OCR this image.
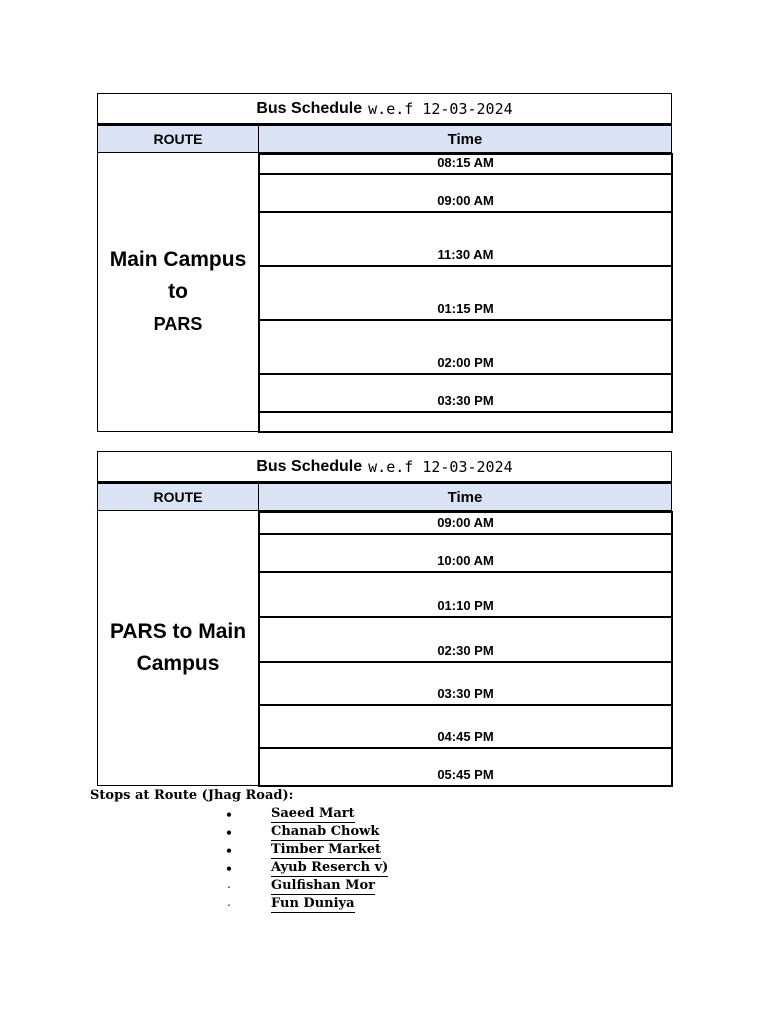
Bus Schedule w.e.f 12-03-2024
ROUTE	Time
Main Campus
to
PARS
08:15 AM
09:00 AM
11:30 AM
01:15 PM
02:00 PM
03:30 PM
Bus Schedule w.e.f 12-03-2024
ROUTE	Time
PARS to Main
Campus
09:00 AM
10:00 AM
01:10 PM
02:30 PM
03:30 PM
04:45 PM
05:45 PM
Stops at Route (Jhag Road):
•	Saeed Mart
•	Chanab Chowk
•	Timber Market
•	Ayub Reserch v)
·	Gulfishan Mor
·	Fun Duniya
